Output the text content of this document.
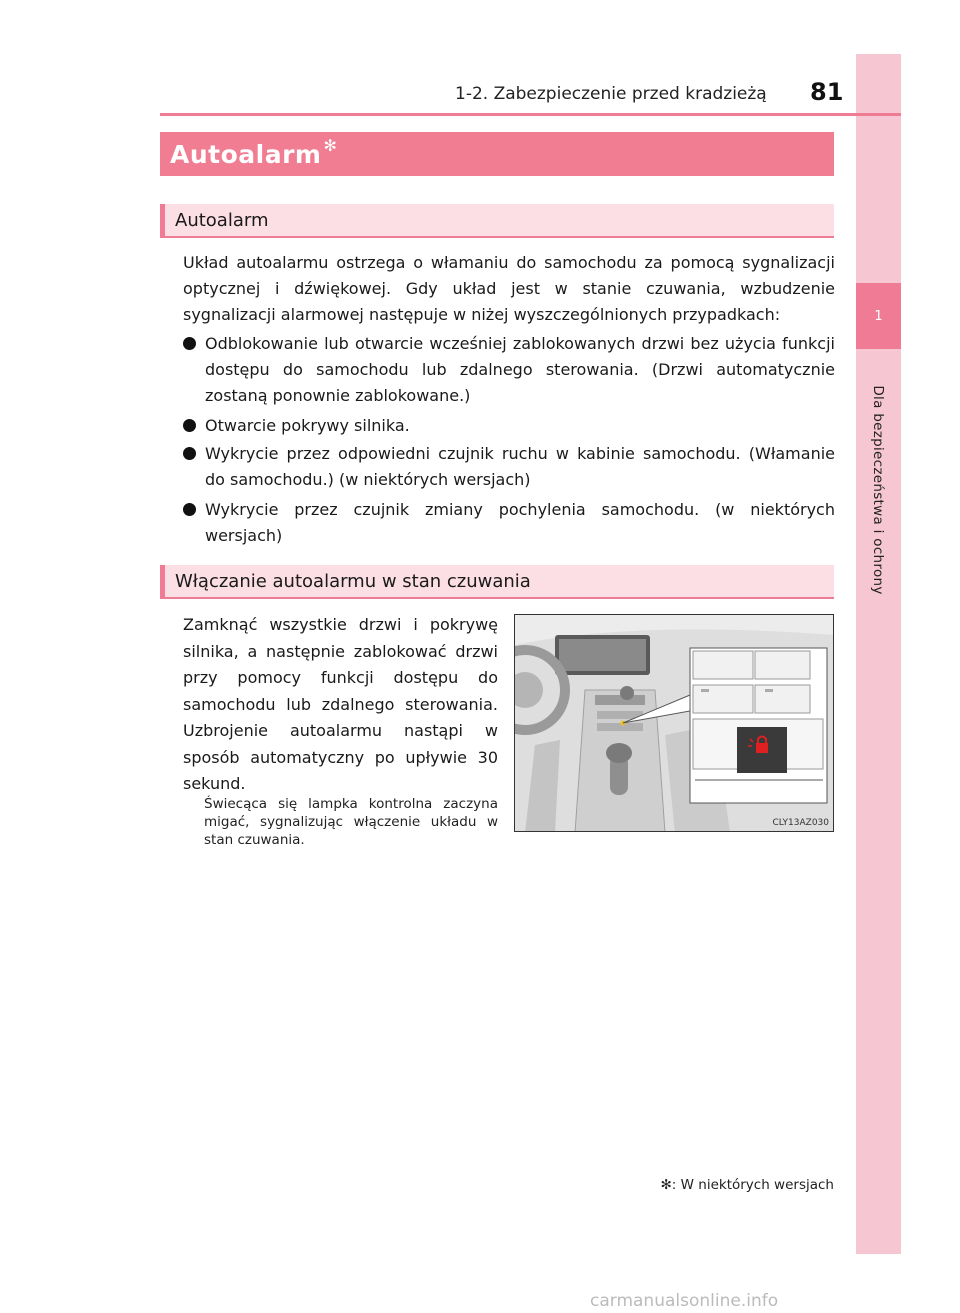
1
Dla bezpieczeństwa i ochrony
1-2. Zabezpieczenie przed kradzieżą 81
Autoalarm ✻
Autoalarm
Układ autoalarmu ostrzega o włamaniu do samochodu za pomocą sygnalizacji optycznej i dźwiękowej. Gdy układ jest w stanie czuwania, wzbudzenie sygnalizacji alarmowej następuje w niżej wyszczególnionych przypadkach:
Odblokowanie lub otwarcie wcześniej zablokowanych drzwi bez użycia funkcji dostępu do samochodu lub zdalnego sterowania. (Drzwi automatycznie zostaną ponownie zablokowane.)
Otwarcie pokrywy silnika.
Wykrycie przez odpowiedni czujnik ruchu w kabinie samochodu. (Włamanie do samochodu.) (w niektórych wersjach)
Wykrycie przez czujnik zmiany pochylenia samochodu. (w niektórych wersjach)
Włączanie autoalarmu w stan czuwania
Zamknąć wszystkie drzwi i pokrywę silnika, a następnie zablokować drzwi przy pomocy funkcji dostępu do samochodu lub zdalnego sterowania. Uzbrojenie autoalarmu nastąpi w sposób automatyczny po upływie 30 sekund.
Świecąca się lampka kontrolna zaczyna migać, sygnalizując włączenie układu w stan czuwania.
CLY13AZ030
✻: W niektórych wersjach
carmanualsonline.info
